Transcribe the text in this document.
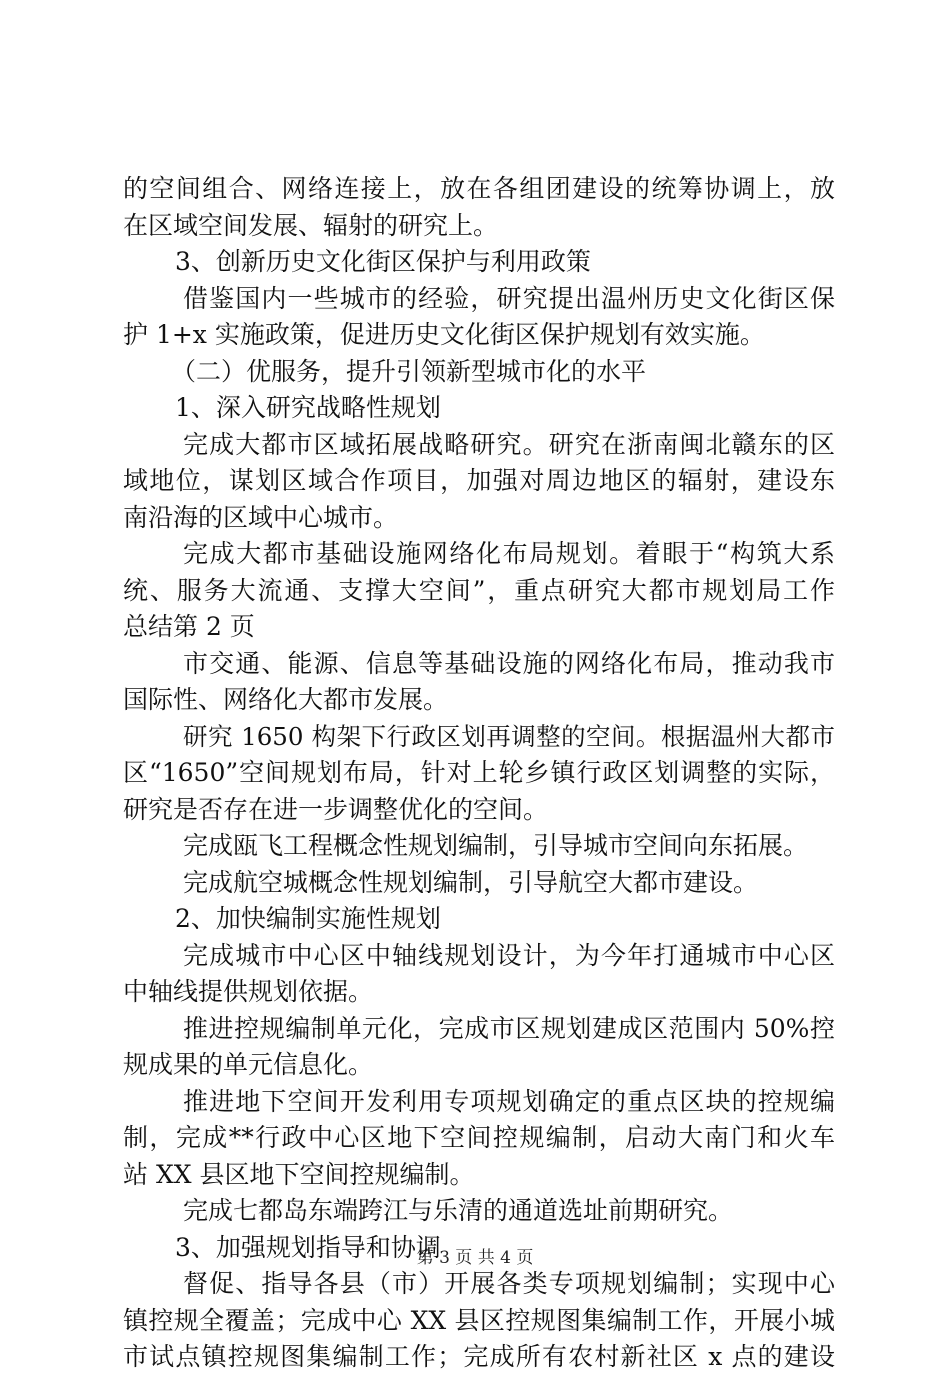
的空间组合、网络连接上，放在各组团建设的统筹协调上，放
在区域空间发展、辐射的研究上。
3、创新历史文化街区保护与利用政策
借鉴国内一些城市的经验，研究提出温州历史文化街区保
护 1+x 实施政策，促进历史文化街区保护规划有效实施。
（二）优服务，提升引领新型城市化的水平
1、深入研究战略性规划
完成大都市区域拓展战略研究。研究在浙南闽北赣东的区
域地位，谋划区域合作项目，加强对周边地区的辐射，建设东
南沿海的区域中心城市。
完成大都市基础设施网络化布局规划。着眼于“构筑大系
统、服务大流通、支撑大空间”，重点研究大都市规划局工作
总结第 2 页
市交通、能源、信息等基础设施的网络化布局，推动我市
国际性、网络化大都市发展。
研究 1650 构架下行政区划再调整的空间。根据温州大都市
区“1650”空间规划布局，针对上轮乡镇行政区划调整的实际，
研究是否存在进一步调整优化的空间。
完成瓯飞工程概念性规划编制，引导城市空间向东拓展。
完成航空城概念性规划编制，引导航空大都市建设。
2、加快编制实施性规划
完成城市中心区中轴线规划设计，为今年打通城市中心区
中轴线提供规划依据。
推进控规编制单元化，完成市区规划建成区范围内 50%控
规成果的单元信息化。
推进地下空间开发利用专项规划确定的重点区块的控规编
制，完成**行政中心区地下空间控规编制，启动大南门和火车
站 XX 县区地下空间控规编制。
完成七都岛东端跨江与乐清的通道选址前期研究。
3、加强规划指导和协调
督促、指导各县（市）开展各类专项规划编制；实现中心
镇控规全覆盖；完成中心 XX 县区控规图集编制工作，开展小城
市试点镇控规图集编制工作；完成所有农村新社区 x 点的建设
第 3 页 共 4 页
